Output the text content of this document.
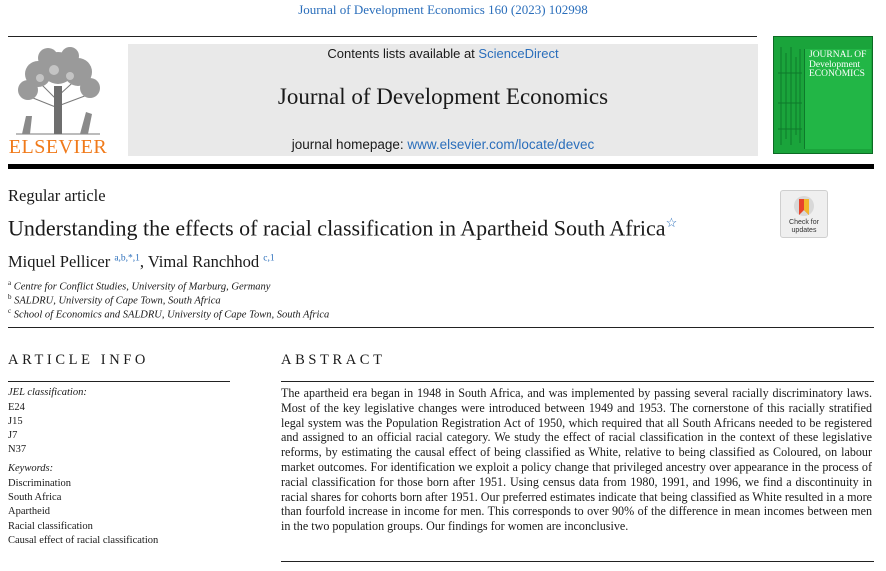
Journal of Development Economics 160 (2023) 102998
ELSEVIER
Contents lists available at ScienceDirect
Journal of Development Economics
journal homepage: www.elsevier.com/locate/devec
JOURNAL OF Development ECONOMICS
Regular article
Understanding the effects of racial classification in Apartheid South Africa☆	Check for updates
Miquel Pellicer $^{a,b,*,1}$, Vimal Ranchhod $^{c,1}$
$^a$ Centre for Conflict Studies, University of Marburg, Germany
$^b$ SALDRU, University of Cape Town, South Africa
$^c$ School of Economics and SALDRU, University of Cape Town, South Africa
ARTICLE INFO
JEL classification:
E24
J15
J7
N37
Keywords:
Discrimination
South Africa
Apartheid
Racial classification
Causal effect of racial classification
ABSTRACT
The apartheid era began in 1948 in South Africa, and was implemented by passing several racially discriminatory laws. Most of the key legislative changes were introduced between 1949 and 1953. The cornerstone of this racially stratified legal system was the Population Registration Act of 1950, which required that all South Africans needed to be registered and assigned to an official racial category. We study the effect of racial classification in the context of these legislative reforms, by estimating the causal effect of being classified as White, relative to being classified as Coloured, on labour market outcomes. For identification we exploit a policy change that privileged ancestry over appearance in the process of racial classification for those born after 1951. Using census data from 1980, 1991, and 1996, we find a discontinuity in racial shares for cohorts born after 1951. Our preferred estimates indicate that being classified as White resulted in a more than fourfold increase in income for men. This corresponds to over 90% of the difference in mean incomes between men in the two population groups. Our findings for women are inconclusive.
